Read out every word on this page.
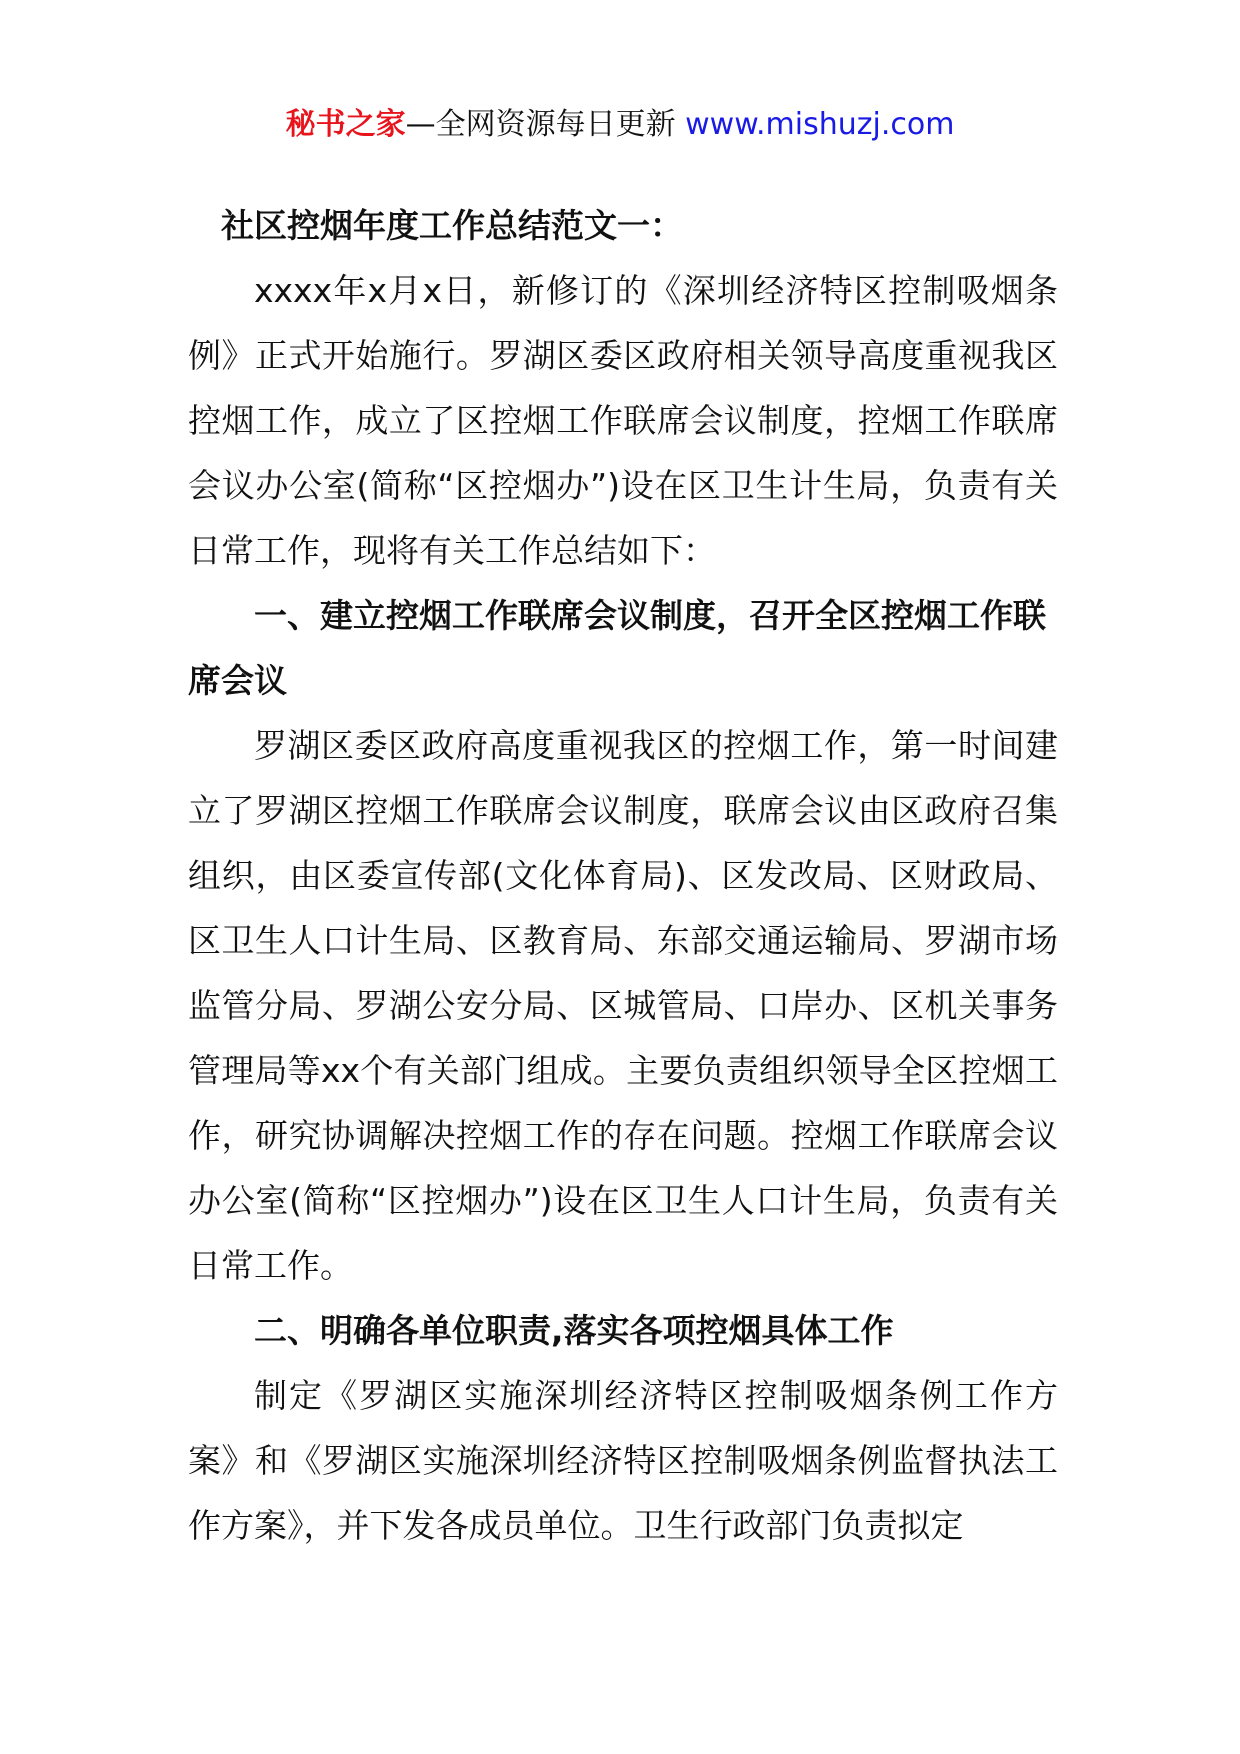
秘书之家—全网资源每日更新 www.mishuzj.com

社区控烟年度工作总结范文一：

xxxx年x月x日，新修订的《深圳经济特区控制吸烟条例》正式开始施行。罗湖区委区政府相关领导高度重视我区控烟工作，成立了区控烟工作联席会议制度，控烟工作联席会议办公室(简称“区控烟办”)设在区卫生计生局，负责有关日常工作，现将有关工作总结如下：

一、建立控烟工作联席会议制度，召开全区控烟工作联席会议

罗湖区委区政府高度重视我区的控烟工作，第一时间建立了罗湖区控烟工作联席会议制度，联席会议由区政府召集组织，由区委宣传部(文化体育局)、区发改局、区财政局、区卫生人口计生局、区教育局、东部交通运输局、罗湖市场监管分局、罗湖公安分局、区城管局、口岸办、区机关事务管理局等xx个有关部门组成。主要负责组织领导全区控烟工作，研究协调解决控烟工作的存在问题。控烟工作联席会议办公室(简称“区控烟办”)设在区卫生人口计生局，负责有关日常工作。

二、明确各单位职责,落实各项控烟具体工作

制定《罗湖区实施深圳经济特区控制吸烟条例工作方案》和《罗湖区实施深圳经济特区控制吸烟条例监督执法工作方案》，并下发各成员单位。卫生行政部门负责拟定
